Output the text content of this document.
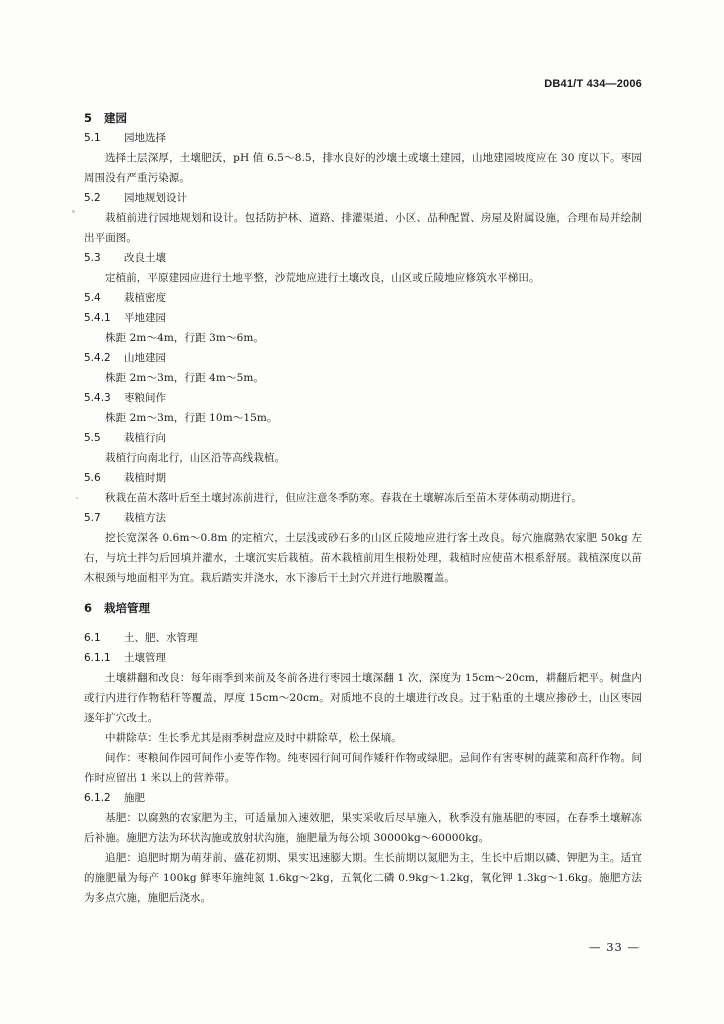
DB41/T 434—2006
5 建园
5.1 园地选择

选择土层深厚，土壤肥沃，pH 值 6.5～8.5，排水良好的沙壤土或壤土建园，山地建园坡度应在 30 度以下。枣园周围没有严重污染源。

5.2 园地规划设计

栽植前进行园地规划和设计。包括防护林、道路、排灌渠道、小区、品种配置、房屋及附属设施，合理布局并绘制出平面图。

5.3 改良土壤

定植前，平原建园应进行土地平整，沙荒地应进行土壤改良，山区或丘陵地应修筑水平梯田。

5.4 栽植密度
5.4.1 平地建园

株距 2m～4m，行距 3m～6m。

5.4.2 山地建园

株距 2m～3m，行距 4m～5m。

5.4.3 枣粮间作

株距 2m～3m，行距 10m～15m。

5.5 栽植行向

栽植行向南北行，山区沿等高线栽植。

5.6 栽植时期

秋栽在苗木落叶后至土壤封冻前进行，但应注意冬季防寒。春栽在土壤解冻后至苗木芽体萌动期进行。

5.7 栽植方法

挖长宽深各 0.6m～0.8m 的定植穴，土层浅或砂石多的山区丘陵地应进行客土改良。每穴施腐熟农家肥 50kg 左右，与坑土拌匀后回填并灌水，土壤沉实后栽植。苗木栽植前用生根粉处理，栽植时应使苗木根系舒展。栽植深度以苗木根颈与地面相平为宜。栽后踏实并浇水，水下渗后干土封穴并进行地膜覆盖。

6 栽培管理
6.1 土、肥、水管理
6.1.1 土壤管理

土壤耕翻和改良：每年雨季到来前及冬前各进行枣园土壤深翻 1 次，深度为 15cm～20cm，耕翻后耙平。树盘内或行内进行作物秸秆等覆盖，厚度 15cm～20cm。对质地不良的土壤进行改良。过于粘重的土壤应掺砂土，山区枣园逐年扩穴改土。

中耕除草：生长季尤其是雨季树盘应及时中耕除草，松土保墒。

间作：枣粮间作园可间作小麦等作物。纯枣园行间可间作矮秆作物或绿肥。忌间作有害枣树的蔬菜和高秆作物。间作时应留出 1 米以上的营养带。

6.1.2 施肥

基肥：以腐熟的农家肥为主，可适量加入速效肥，果实采收后尽早施入，秋季没有施基肥的枣园，在春季土壤解冻后补施。施肥方法为环状沟施或放射状沟施，施肥量为每公顷 30000kg～60000kg。

追肥：追肥时期为萌芽前、盛花初期、果实迅速膨大期。生长前期以氮肥为主，生长中后期以磷、钾肥为主。适宜的施肥量为每产 100kg 鲜枣年施纯氮 1.6kg～2kg，五氧化二磷 0.9kg～1.2kg，氧化钾 1.3kg～1.6kg。施肥方法为多点穴施，施肥后浇水。

— 33 —
